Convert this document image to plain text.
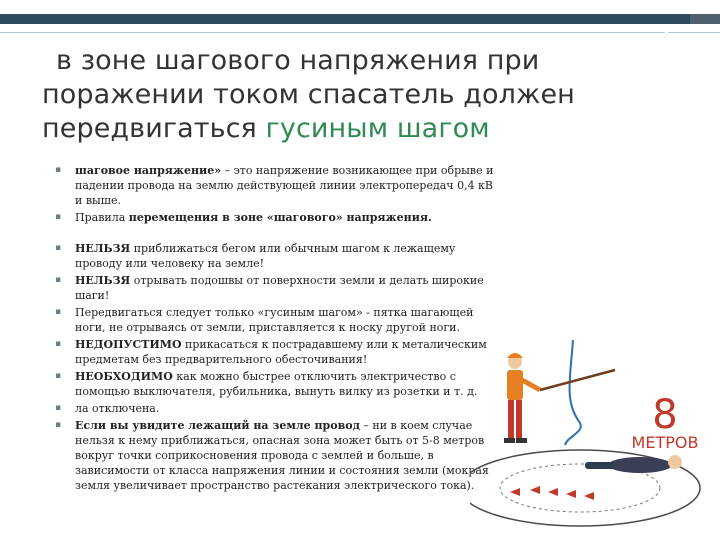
в зоне шагового напряжения при
поражении током спасатель должен
передвигаться гусиным шагом
▪ шаговое напряжение» – это напряжение возникающее при обрыве и падении провода на землю действующей линии электропередач 0,4 кВ и выше.
▪ Правила перемещения в зоне «шагового» напряжения.
▪ НЕЛЬЗЯ приближаться бегом или обычным шагом к лежащему проводу или человеку на земле!
▪ НЕЛЬЗЯ отрывать подошвы от поверхности земли и делать широкие шаги!
▪ Передвигаться следует только «гусиным шагом» - пятка шагающей ноги, не отрываясь от земли, приставляется к носку другой ноги.
▪ НЕДОПУСТИМО прикасаться к пострадавшему или к металическим предметам без предварительного обесточивания!
▪ НЕОБХОДИМО как можно быстрее отключить электричество с помощью выключателя, рубильника, вынуть вилку из розетки и т. д.
▪ ла отключена.
▪ Если вы увидите лежащий на земле провод – ни в коем случае нельзя к нему приближаться, опасная зона может быть от 5-8 метров вокруг точки соприкосновения провода с землей и больше, в зависимости от класса напряжения линии и состояния земли (мокрая земля увеличивает пространство растекания электрического тока).
8
МЕТРОВ
